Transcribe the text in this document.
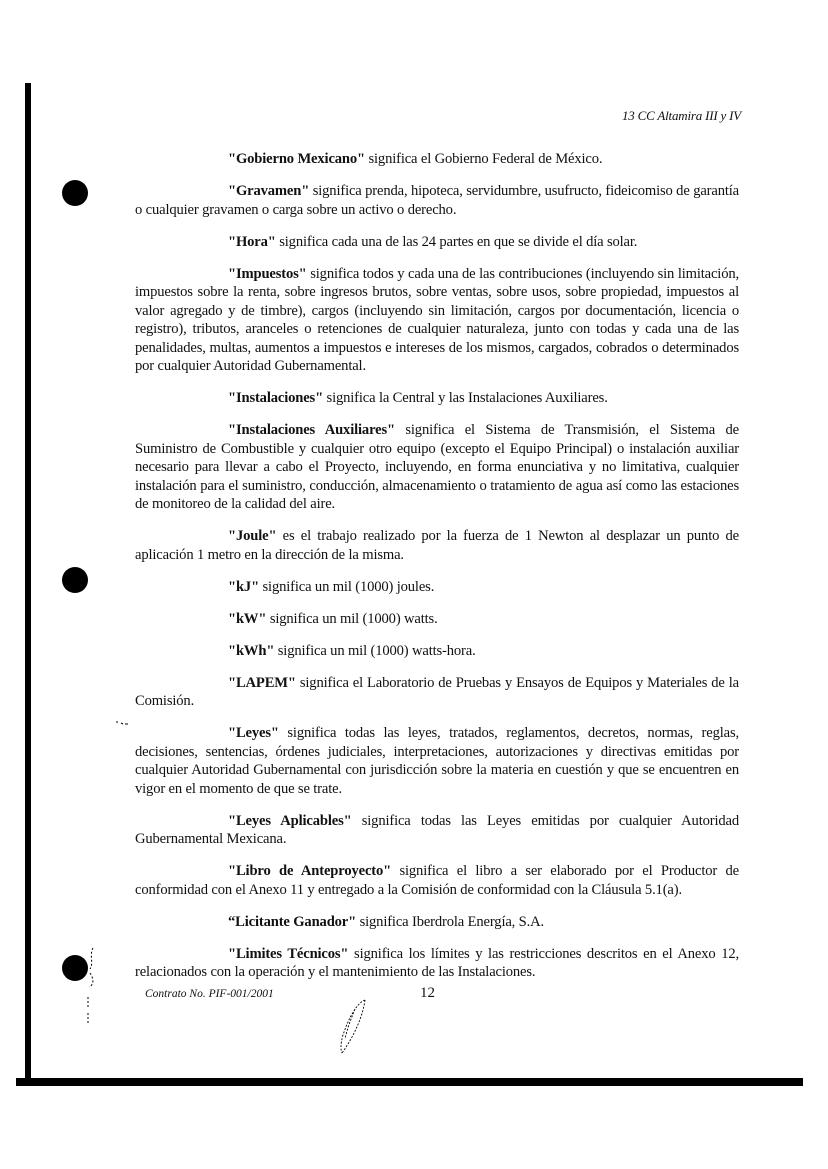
13 CC Altamira III y IV

"Gobierno Mexicano" significa el Gobierno Federal de México.

"Gravamen" significa prenda, hipoteca, servidumbre, usufructo, fideicomiso de garantía o cualquier gravamen o carga sobre un activo o derecho.

"Hora" significa cada una de las 24 partes en que se divide el día solar.

"Impuestos" significa todos y cada una de las contribuciones (incluyendo sin limitación, impuestos sobre la renta, sobre ingresos brutos, sobre ventas, sobre usos, sobre propiedad, impuestos al valor agregado y de timbre), cargos (incluyendo sin limitación, cargos por documentación, licencia o registro), tributos, aranceles o retenciones de cualquier naturaleza, junto con todas y cada una de las penalidades, multas, aumentos a impuestos e intereses de los mismos, cargados, cobrados o determinados por cualquier Autoridad Gubernamental.

"Instalaciones" significa la Central y las Instalaciones Auxiliares.

"Instalaciones Auxiliares" significa el Sistema de Transmisión, el Sistema de Suministro de Combustible y cualquier otro equipo (excepto el Equipo Principal) o instalación auxiliar necesario para llevar a cabo el Proyecto, incluyendo, en forma enunciativa y no limitativa, cualquier instalación para el suministro, conducción, almacenamiento o tratamiento de agua así como las estaciones de monitoreo de la calidad del aire.

"Joule" es el trabajo realizado por la fuerza de 1 Newton al desplazar un punto de aplicación 1 metro en la dirección de la misma.

"kJ" significa un mil (1000) joules.

"kW" significa un mil (1000) watts.

"kWh" significa un mil (1000) watts-hora.

"LAPEM" significa el Laboratorio de Pruebas y Ensayos de Equipos y Materiales de la Comisión.

"Leyes" significa todas las leyes, tratados, reglamentos, decretos, normas, reglas, decisiones, sentencias, órdenes judiciales, interpretaciones, autorizaciones y directivas emitidas por cualquier Autoridad Gubernamental con jurisdicción sobre la materia en cuestión y que se encuentren en vigor en el momento de que se trate.

"Leyes Aplicables" significa todas las Leyes emitidas por cualquier Autoridad Gubernamental Mexicana.

"Libro de Anteproyecto" significa el libro a ser elaborado por el Productor de conformidad con el Anexo 11 y entregado a la Comisión de conformidad con la Cláusula 5.1(a).

“Licitante Ganador" significa Iberdrola Energía, S.A.

"Limites Técnicos" significa los límites y las restricciones descritos en el Anexo 12, relacionados con la operación y el mantenimiento de las Instalaciones.

Contrato No. PIF-001/2001	12
